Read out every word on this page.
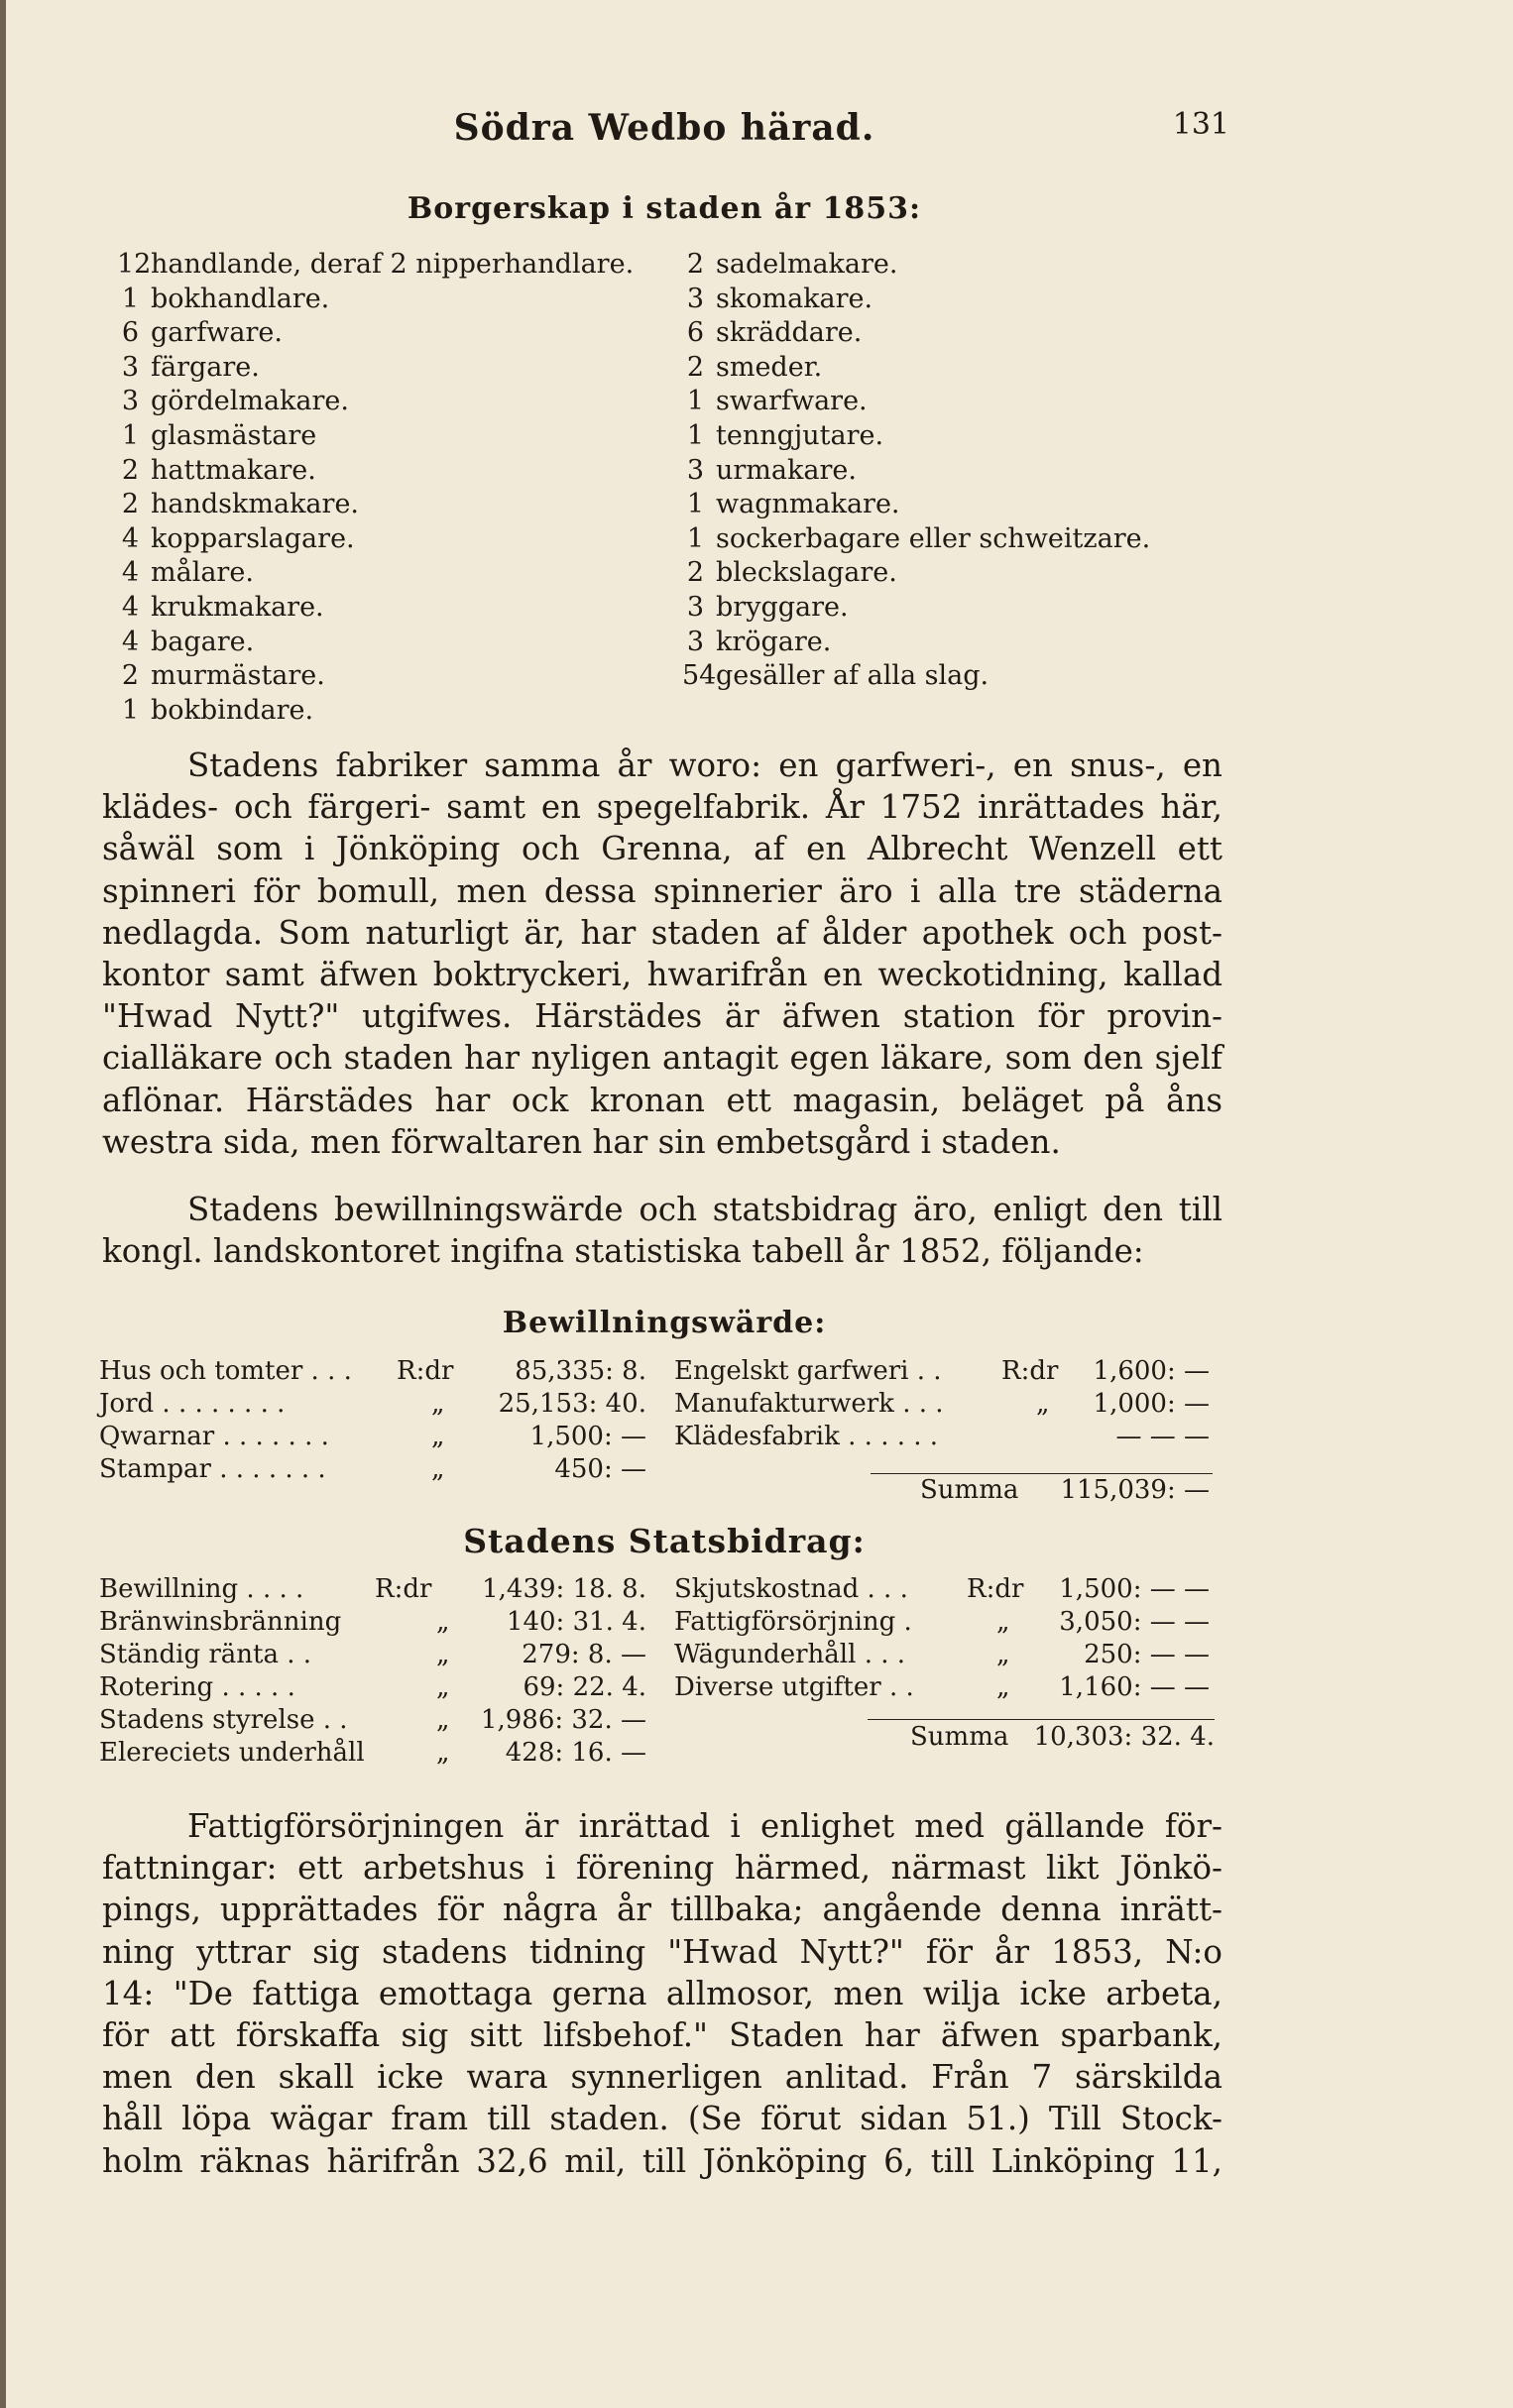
Södra Wedbo härad.	131
Borgerskap i staden år 1853:
12handlande, deraf 2 nipperhandlare.
1 bokhandlare.
6 garfware.
3 färgare.
3 gördelmakare.
1 glasmästare
2 hattmakare.
2 handskmakare.
4 kopparslagare.
4 målare.
4 krukmakare.
4 bagare.
2 murmästare.
1 bokbindare.
2 sadelmakare.
3 skomakare.
6 skräddare.
2 smeder.
1 swarfware.
1 tenngjutare.
3 urmakare.
1 wagnmakare.
1 sockerbagare eller schweitzare.
2 bleckslagare.
3 bryggare.
3 krögare.
54gesäller af alla slag.
Stadens fabriker samma år woro: en garfweri-, en snus-, en
klädes- och färgeri- samt en spegelfabrik. År 1752 inrättades här,
såwäl som i Jönköping och Grenna, af en Albrecht Wenzell ett
spinneri för bomull, men dessa spinnerier äro i alla tre städerna
nedlagda. Som naturligt är, har staden af ålder apothek och post-
kontor samt äfwen boktryckeri, hwarifrån en weckotidning, kallad
"Hwad Nytt?" utgifwes. Härstädes är äfwen station för provin-
cialläkare och staden har nyligen antagit egen läkare, som den sjelf
aflönar. Härstädes har ock kronan ett magasin, beläget på åns
westra sida, men förwaltaren har sin embetsgård i staden.
Stadens bewillningswärde och statsbidrag äro, enligt den till
kongl. landskontoret ingifna statistiska tabell år 1852, följande:
Bewillningswärde:
Hus och tomter . . . R:dr 85,335: 8.
Jord . . . . . . . .	„ 25,153: 40.
Qwarnar . . . . . . .	„	1,500: —
Stampar . . . . . . .	„	450: —
Engelskt garfweri . . R:dr 1,600: —
Manufakturwerk . . .	„ 1,000: —
Klädesfabrik . . . . . .	— — —
Summa 115,039: —
Stadens Statsbidrag:
Bewillning . . . .	R:dr 1,439: 18. 8.
Bränwinsbränning	„ 140: 31. 4.
Ständig ränta . .	„	279: 8. —
Rotering . . . . .	„	69: 22. 4.
Stadens styrelse . .	„ 1,986: 32. —
Elereciets underhåll	„ 428: 16. —
Skjutskostnad . . . R:dr 1,500: — —
Fattigförsörjning .	„ 3,050: — —
Wägunderhåll . . .	„	250: — —
Diverse utgifter . .	„ 1,160: — —
Summa 10,303: 32. 4.
Fattigförsörjningen är inrättad i enlighet med gällande för-
fattningar: ett arbetshus i förening härmed, närmast likt Jönkö-
pings, upprättades för några år tillbaka; angående denna inrätt-
ning yttrar sig stadens tidning "Hwad Nytt?" för år 1853, N:o
14: "De fattiga emottaga gerna allmosor, men wilja icke arbeta,
för att förskaffa sig sitt lifsbehof." Staden har äfwen sparbank,
men den skall icke wara synnerligen anlitad. Från 7 särskilda
håll löpa wägar fram till staden. (Se förut sidan 51.) Till Stock-
holm räknas härifrån 32,6 mil, till Jönköping 6, till Linköping 11,
